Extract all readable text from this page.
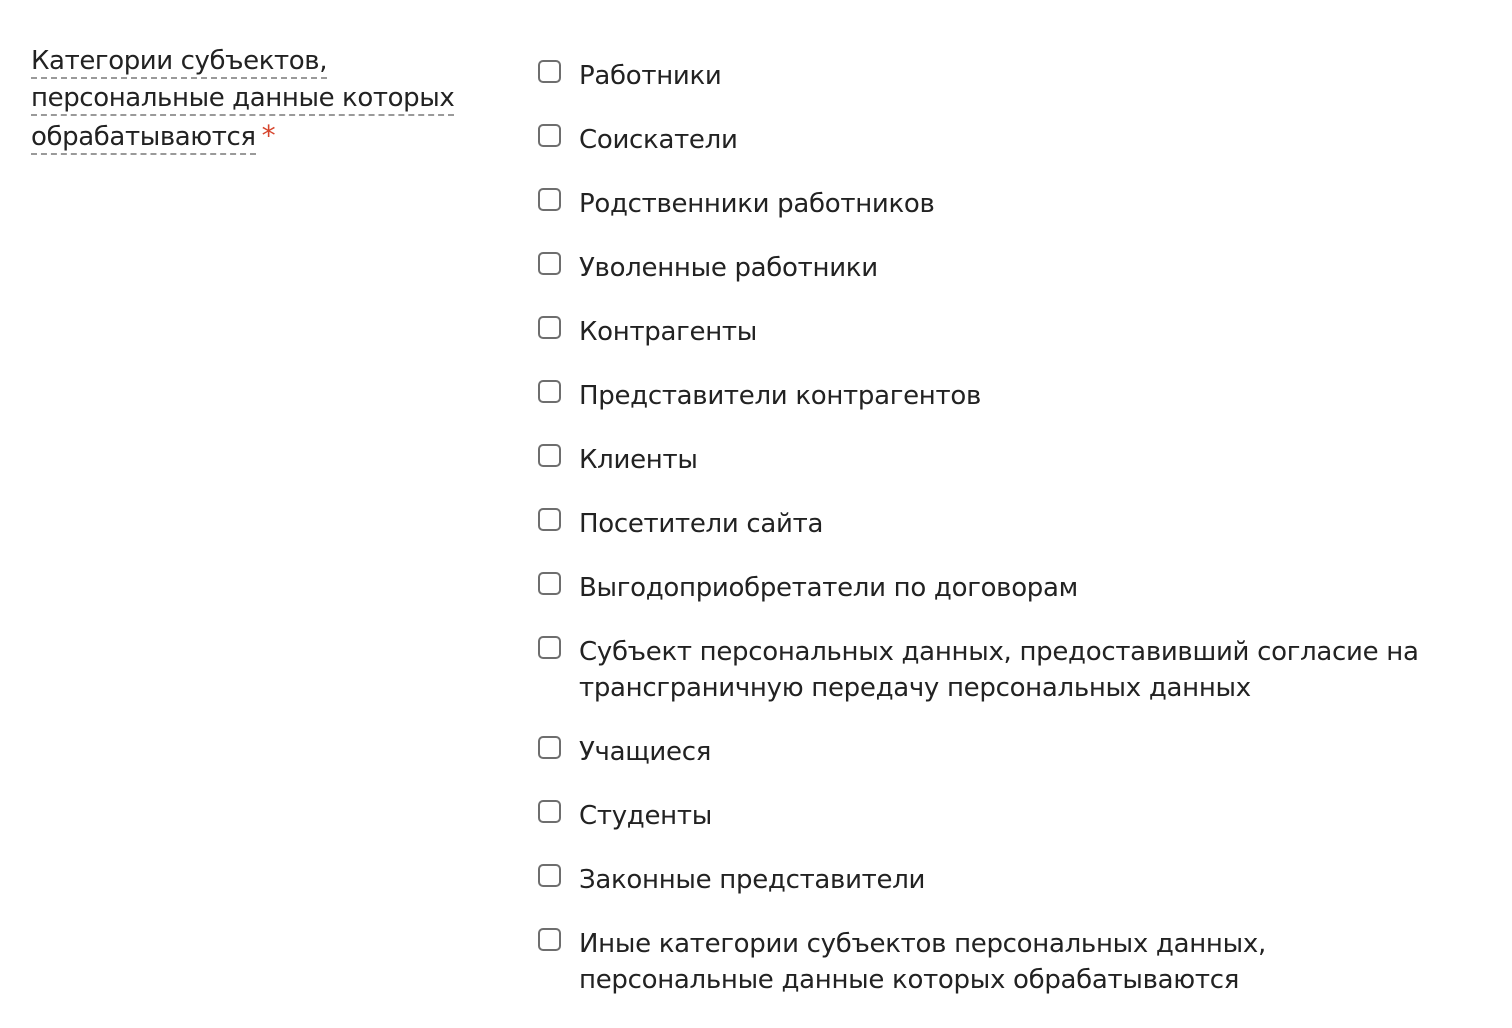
Категории субъектов, персональные данные которых обрабатываются *
Работники
Соискатели
Родственники работников
Уволенные работники
Контрагенты
Представители контрагентов
Клиенты
Посетители сайта
Выгодоприобретатели по договорам
Субъект персональных данных, предоставивший согласие на трансграничную передачу персональных данных
Учащиеся
Студенты
Законные представители
Иные категории субъектов персональных данных, персональные данные которых обрабатываются
